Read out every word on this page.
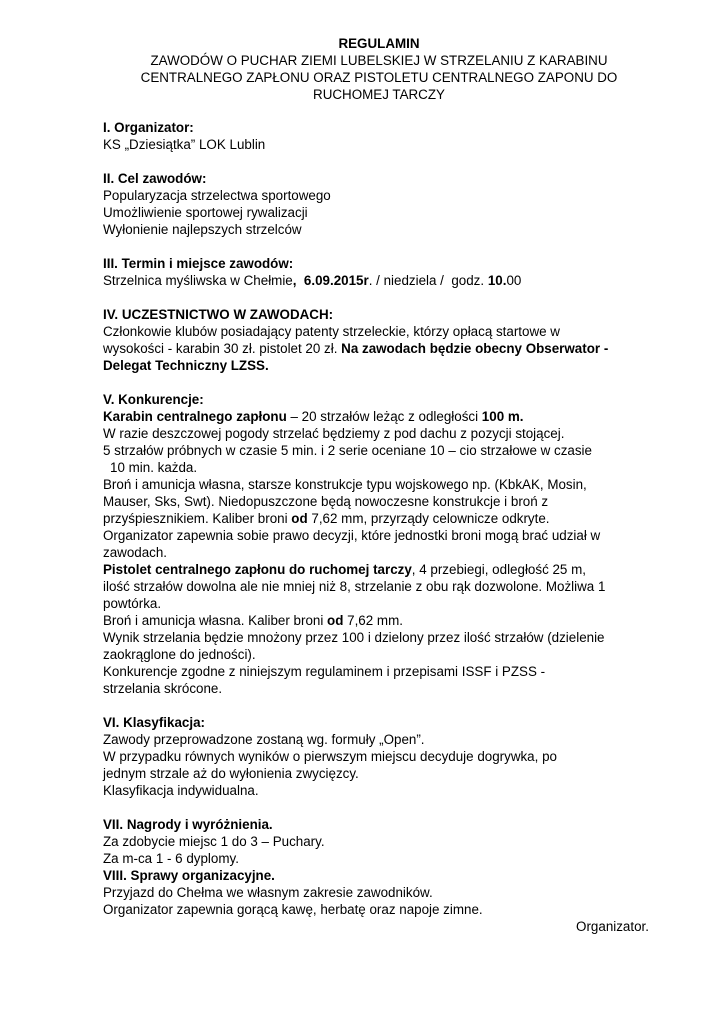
REGULAMIN
ZAWODÓW O PUCHAR ZIEMI LUBELSKIEJ W STRZELANIU Z KARABINU
CENTRALNEGO ZAPŁONU ORAZ PISTOLETU CENTRALNEGO ZAPONU DO
RUCHOMEJ TARCZY
I. Organizator:
KS „Dziesiątka” LOK Lublin
II. Cel zawodów:
Popularyzacja strzelectwa sportowego
Umożliwienie sportowej rywalizacji
Wyłonienie najlepszych strzelców
III. Termin i miejsce zawodów:
Strzelnica myśliwska w Chełmie,  6.09.2015r. / niedziela /  godz. 10.00
IV. UCZESTNICTWO W ZAWODACH:
Członkowie klubów posiadający patenty strzeleckie, którzy opłacą startowe w
wysokości - karabin 30 zł. pistolet 20 zł. Na zawodach będzie obecny Obserwator -
Delegat Techniczny LZSS.
V. Konkurencje:
Karabin centralnego zapłonu – 20 strzałów leżąc z odległości 100 m.
W razie deszczowej pogody strzelać będziemy z pod dachu z pozycji stojącej.
5 strzałów próbnych w czasie 5 min. i 2 serie oceniane 10 – cio strzałowe w czasie
10 min. każda.
Broń i amunicja własna, starsze konstrukcje typu wojskowego np. (KbkAK, Mosin,
Mauser, Sks, Swt). Niedopuszczone będą nowoczesne konstrukcje i broń z
przyśpiesznikiem. Kaliber broni od 7,62 mm, przyrządy celownicze odkryte.
Organizator zapewnia sobie prawo decyzji, które jednostki broni mogą brać udział w
zawodach.
Pistolet centralnego zapłonu do ruchomej tarczy, 4 przebiegi, odległość 25 m,
ilość strzałów dowolna ale nie mniej niż 8, strzelanie z obu rąk dozwolone. Możliwa 1
powtórka.
Broń i amunicja własna. Kaliber broni od 7,62 mm.
Wynik strzelania będzie mnożony przez 100 i dzielony przez ilość strzałów (dzielenie
zaokrąglone do jedności).
Konkurencje zgodne z niniejszym regulaminem i przepisami ISSF i PZSS -
strzelania skrócone.
VI. Klasyfikacja:
Zawody przeprowadzone zostaną wg. formuły „Open”.
W przypadku równych wyników o pierwszym miejscu decyduje dogrywka, po
jednym strzale aż do wyłonienia zwycięzcy.
Klasyfikacja indywidualna.
VII. Nagrody i wyróżnienia.
Za zdobycie miejsc 1 do 3 – Puchary.
Za m-ca 1 - 6 dyplomy.
VIII. Sprawy organizacyjne.
Przyjazd do Chełma we własnym zakresie zawodników.
Organizator zapewnia gorącą kawę, herbatę oraz napoje zimne.
Organizator.
